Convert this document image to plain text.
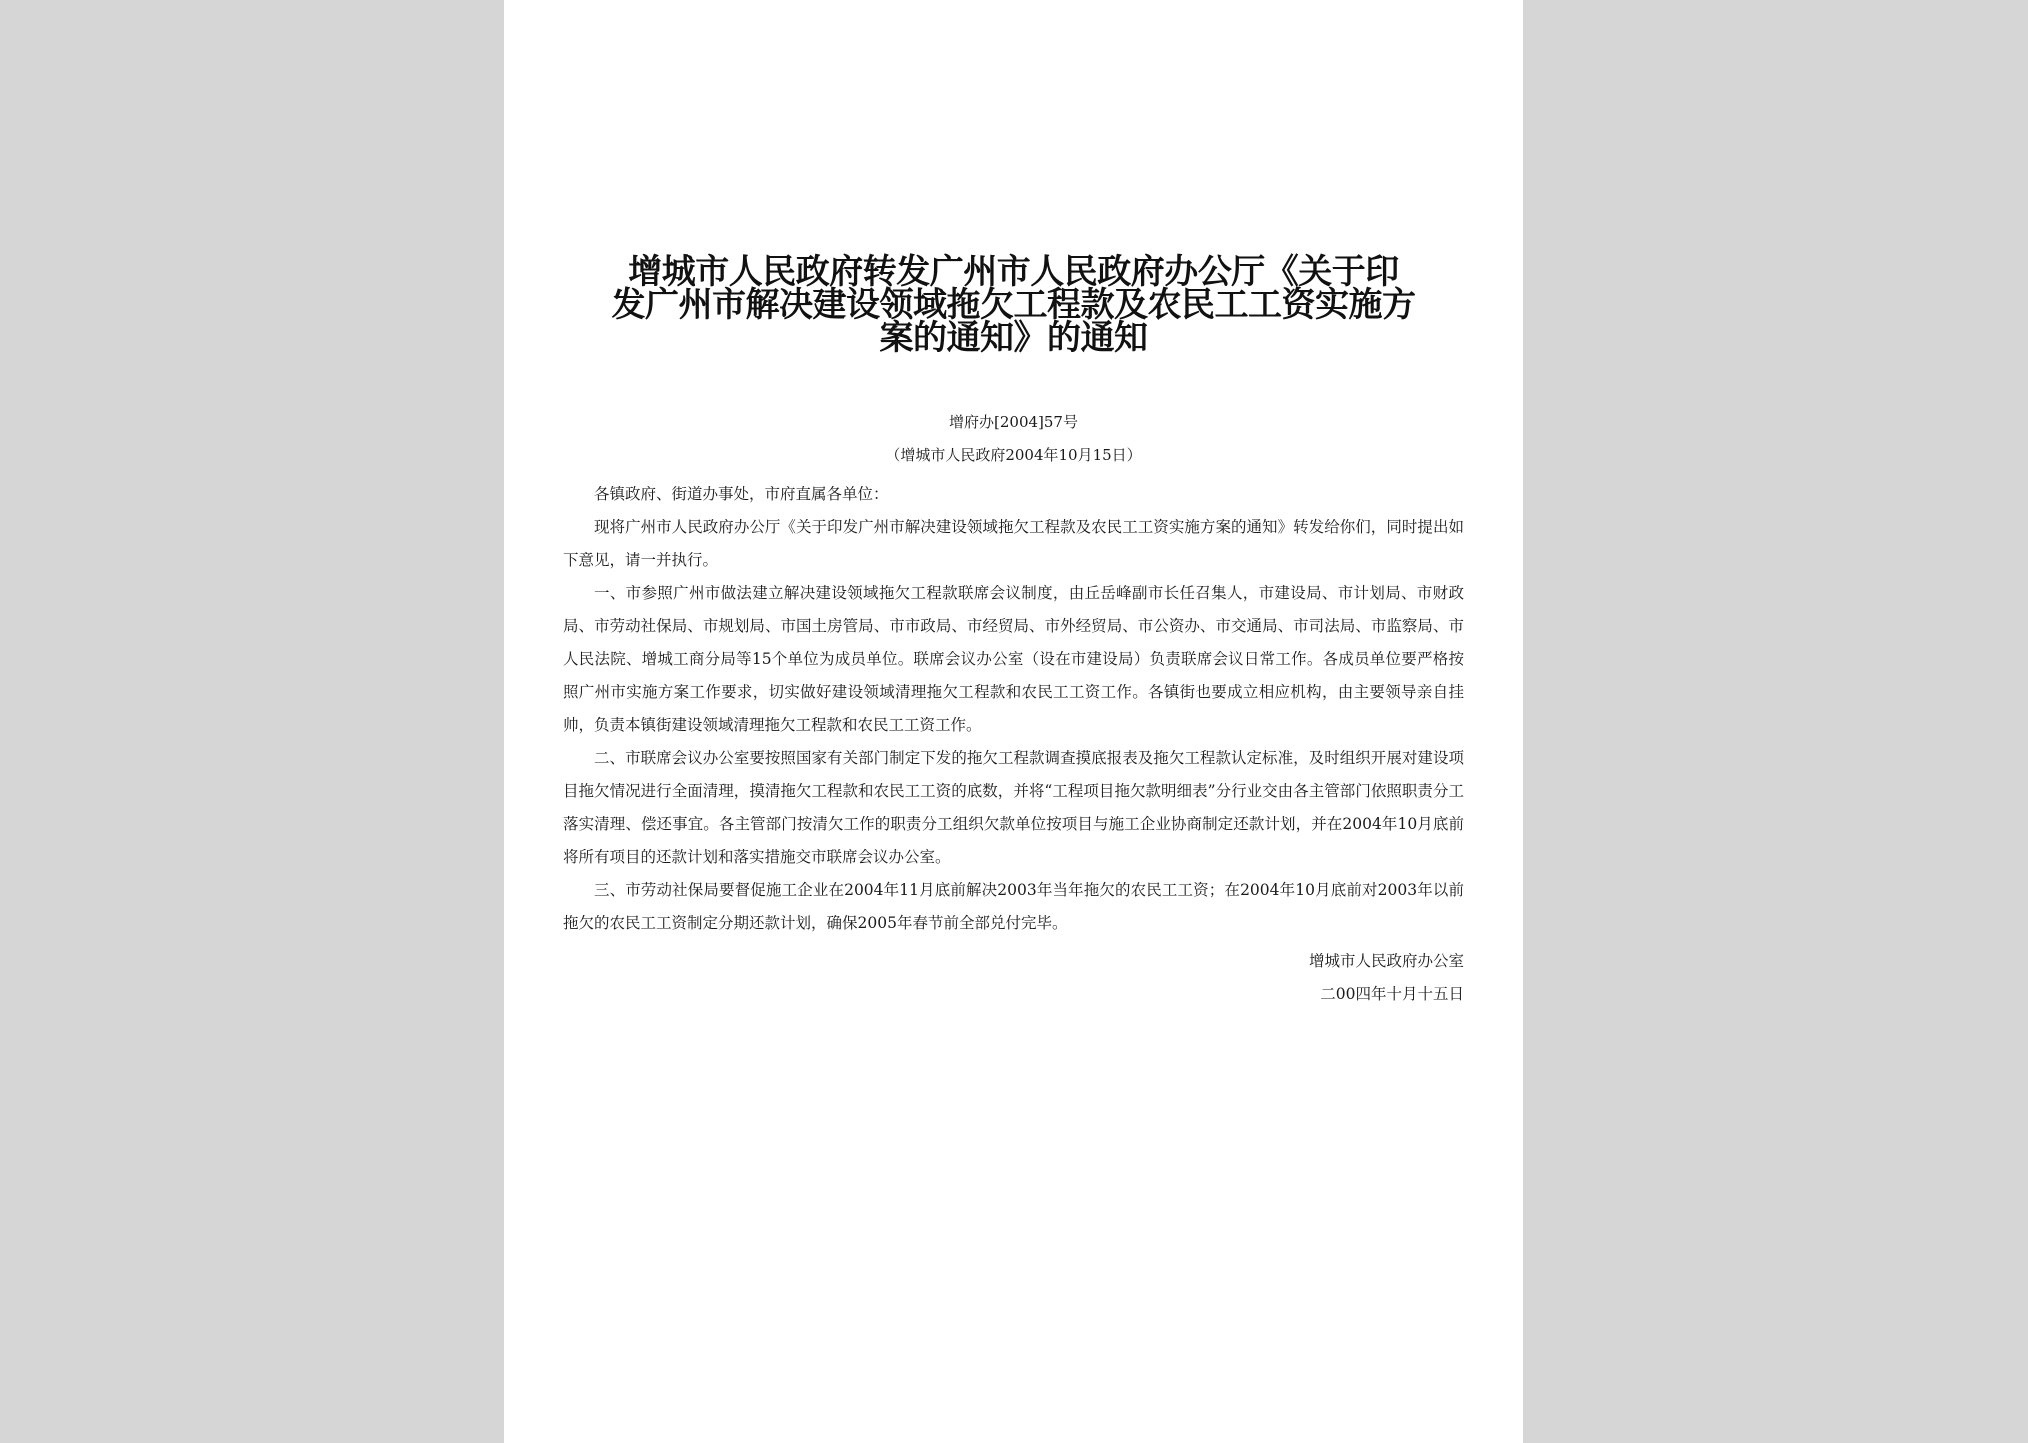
增城市人民政府转发广州市人民政府办公厅《关于印
发广州市解决建设领域拖欠工程款及农民工工资实施方
案的通知》的通知

增府办[2004]57号

（增城市人民政府2004年10月15日）

各镇政府、街道办事处，市府直属各单位：

现将广州市人民政府办公厅《关于印发广州市解决建设领域拖欠工程款及农民工工资实施方案的通知》转发给你们，同时提出如下意见，请一并执行。

一、市参照广州市做法建立解决建设领域拖欠工程款联席会议制度，由丘岳峰副市长任召集人，市建设局、市计划局、市财政局、市劳动社保局、市规划局、市国土房管局、市市政局、市经贸局、市外经贸局、市公资办、市交通局、市司法局、市监察局、市人民法院、增城工商分局等15个单位为成员单位。联席会议办公室（设在市建设局）负责联席会议日常工作。各成员单位要严格按照广州市实施方案工作要求，切实做好建设领域清理拖欠工程款和农民工工资工作。各镇街也要成立相应机构，由主要领导亲自挂帅，负责本镇街建设领域清理拖欠工程款和农民工工资工作。

二、市联席会议办公室要按照国家有关部门制定下发的拖欠工程款调查摸底报表及拖欠工程款认定标准，及时组织开展对建设项目拖欠情况进行全面清理，摸清拖欠工程款和农民工工资的底数，并将“工程项目拖欠款明细表”分行业交由各主管部门依照职责分工落实清理、偿还事宜。各主管部门按清欠工作的职责分工组织欠款单位按项目与施工企业协商制定还款计划，并在2004年10月底前将所有项目的还款计划和落实措施交市联席会议办公室。

三、市劳动社保局要督促施工企业在2004年11月底前解决2003年当年拖欠的农民工工资；在2004年10月底前对2003年以前拖欠的农民工工资制定分期还款计划，确保2005年春节前全部兑付完毕。

增城市人民政府办公室

二00四年十月十五日
